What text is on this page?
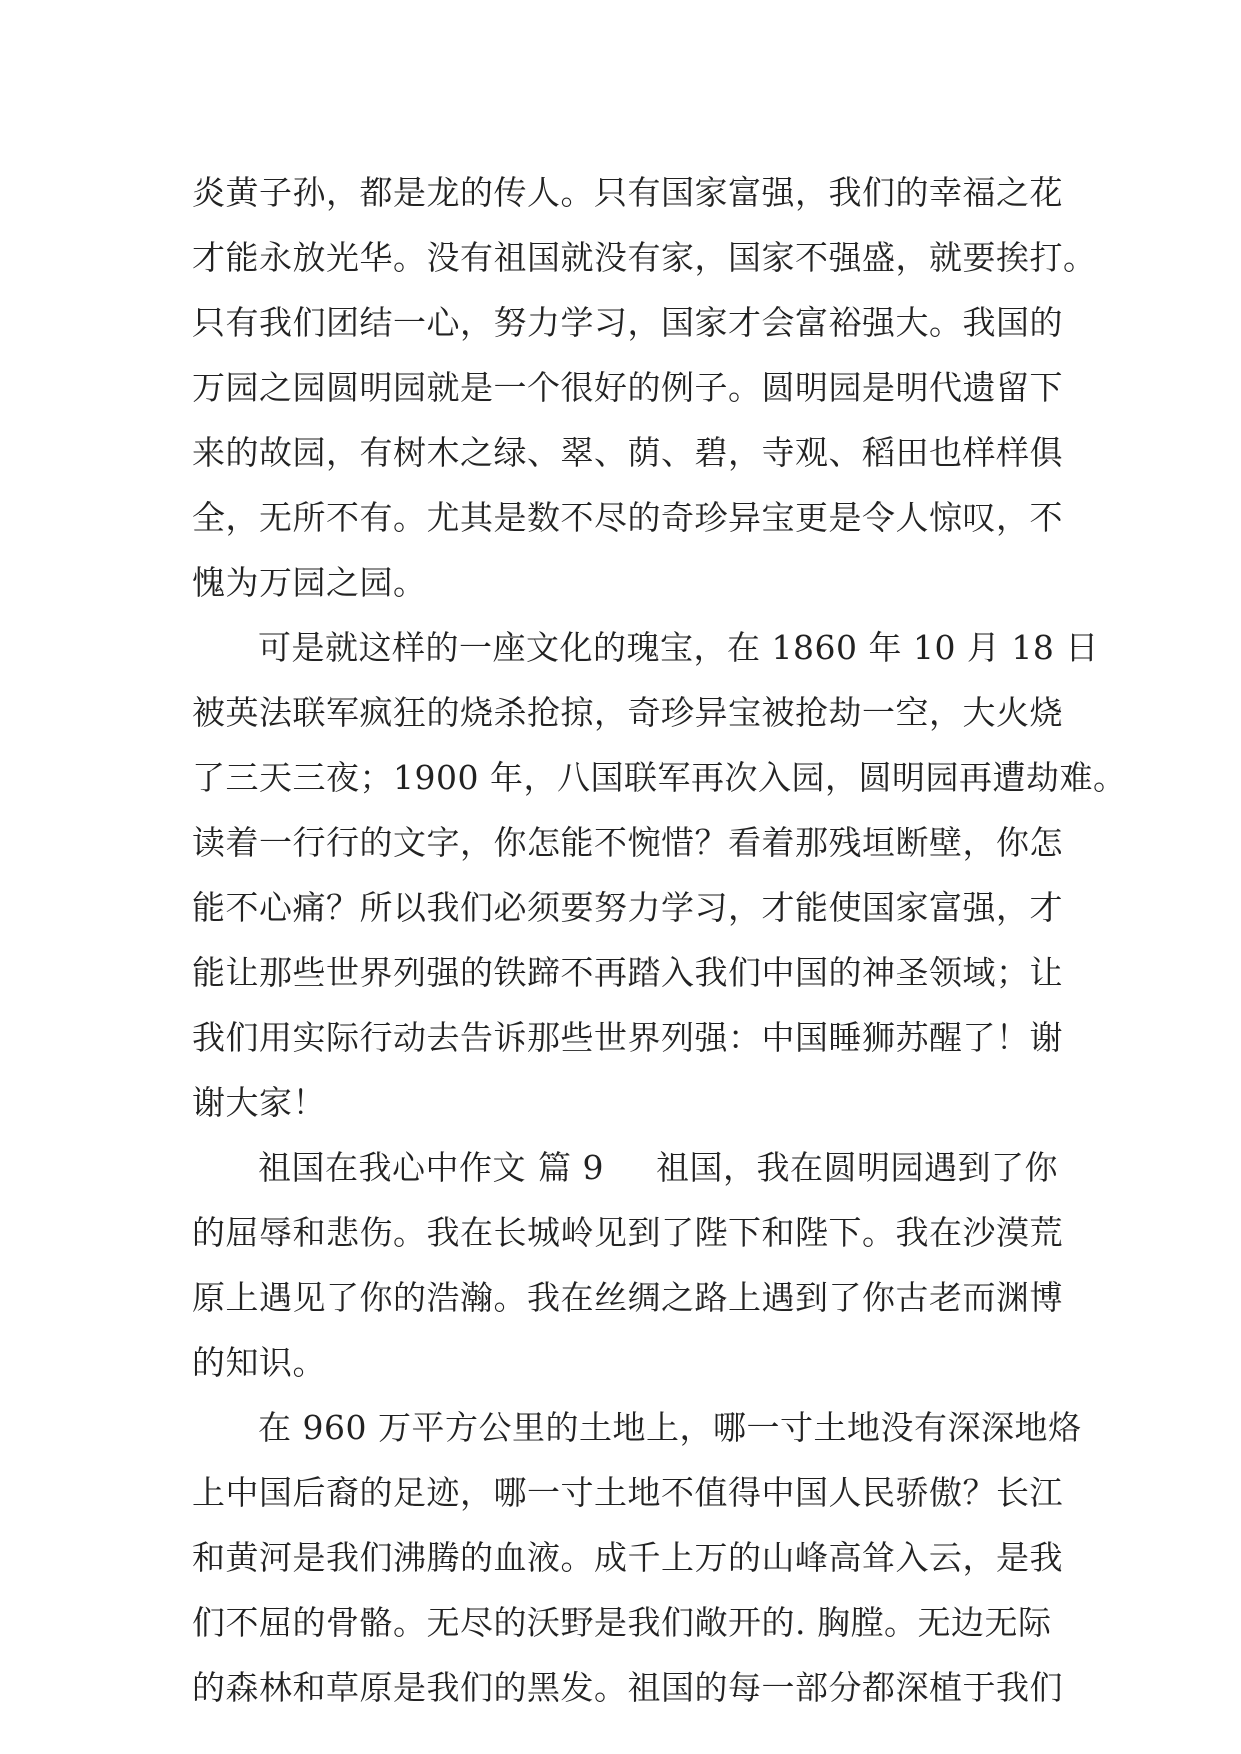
炎黄子孙，都是龙的传人。只有国家富强，我们的幸福之花
才能永放光华。没有祖国就没有家，国家不强盛，就要挨打。
只有我们团结一心，努力学习，国家才会富裕强大。我国的
万园之园圆明园就是一个很好的例子。圆明园是明代遗留下
来的故园，有树木之绿、翠、荫、碧，寺观、稻田也样样俱
全，无所不有。尤其是数不尽的奇珍异宝更是令人惊叹，不
愧为万园之园。
可是就这样的一座文化的瑰宝，在 1860 年 10 月 18 日
被英法联军疯狂的烧杀抢掠，奇珍异宝被抢劫一空，大火烧
了三天三夜；1900 年，八国联军再次入园，圆明园再遭劫难。
读着一行行的文字，你怎能不惋惜？看着那残垣断壁，你怎
能不心痛？所以我们必须要努力学习，才能使国家富强，才
能让那些世界列强的铁蹄不再踏入我们中国的神圣领域；让
我们用实际行动去告诉那些世界列强：中国睡狮苏醒了！谢
谢大家！
祖国在我心中作文 篇 9 祖国，我在圆明园遇到了你
的屈辱和悲伤。我在长城岭见到了陛下和陛下。我在沙漠荒
原上遇见了你的浩瀚。我在丝绸之路上遇到了你古老而渊博
的知识。
在 960 万平方公里的土地上，哪一寸土地没有深深地烙
上中国后裔的足迹，哪一寸土地不值得中国人民骄傲？长江
和黄河是我们沸腾的血液。成千上万的山峰高耸入云，是我
们不屈的骨骼。无尽的沃野是我们敞开的. 胸膛。无边无际
的森林和草原是我们的黑发。祖国的每一部分都深植于我们
